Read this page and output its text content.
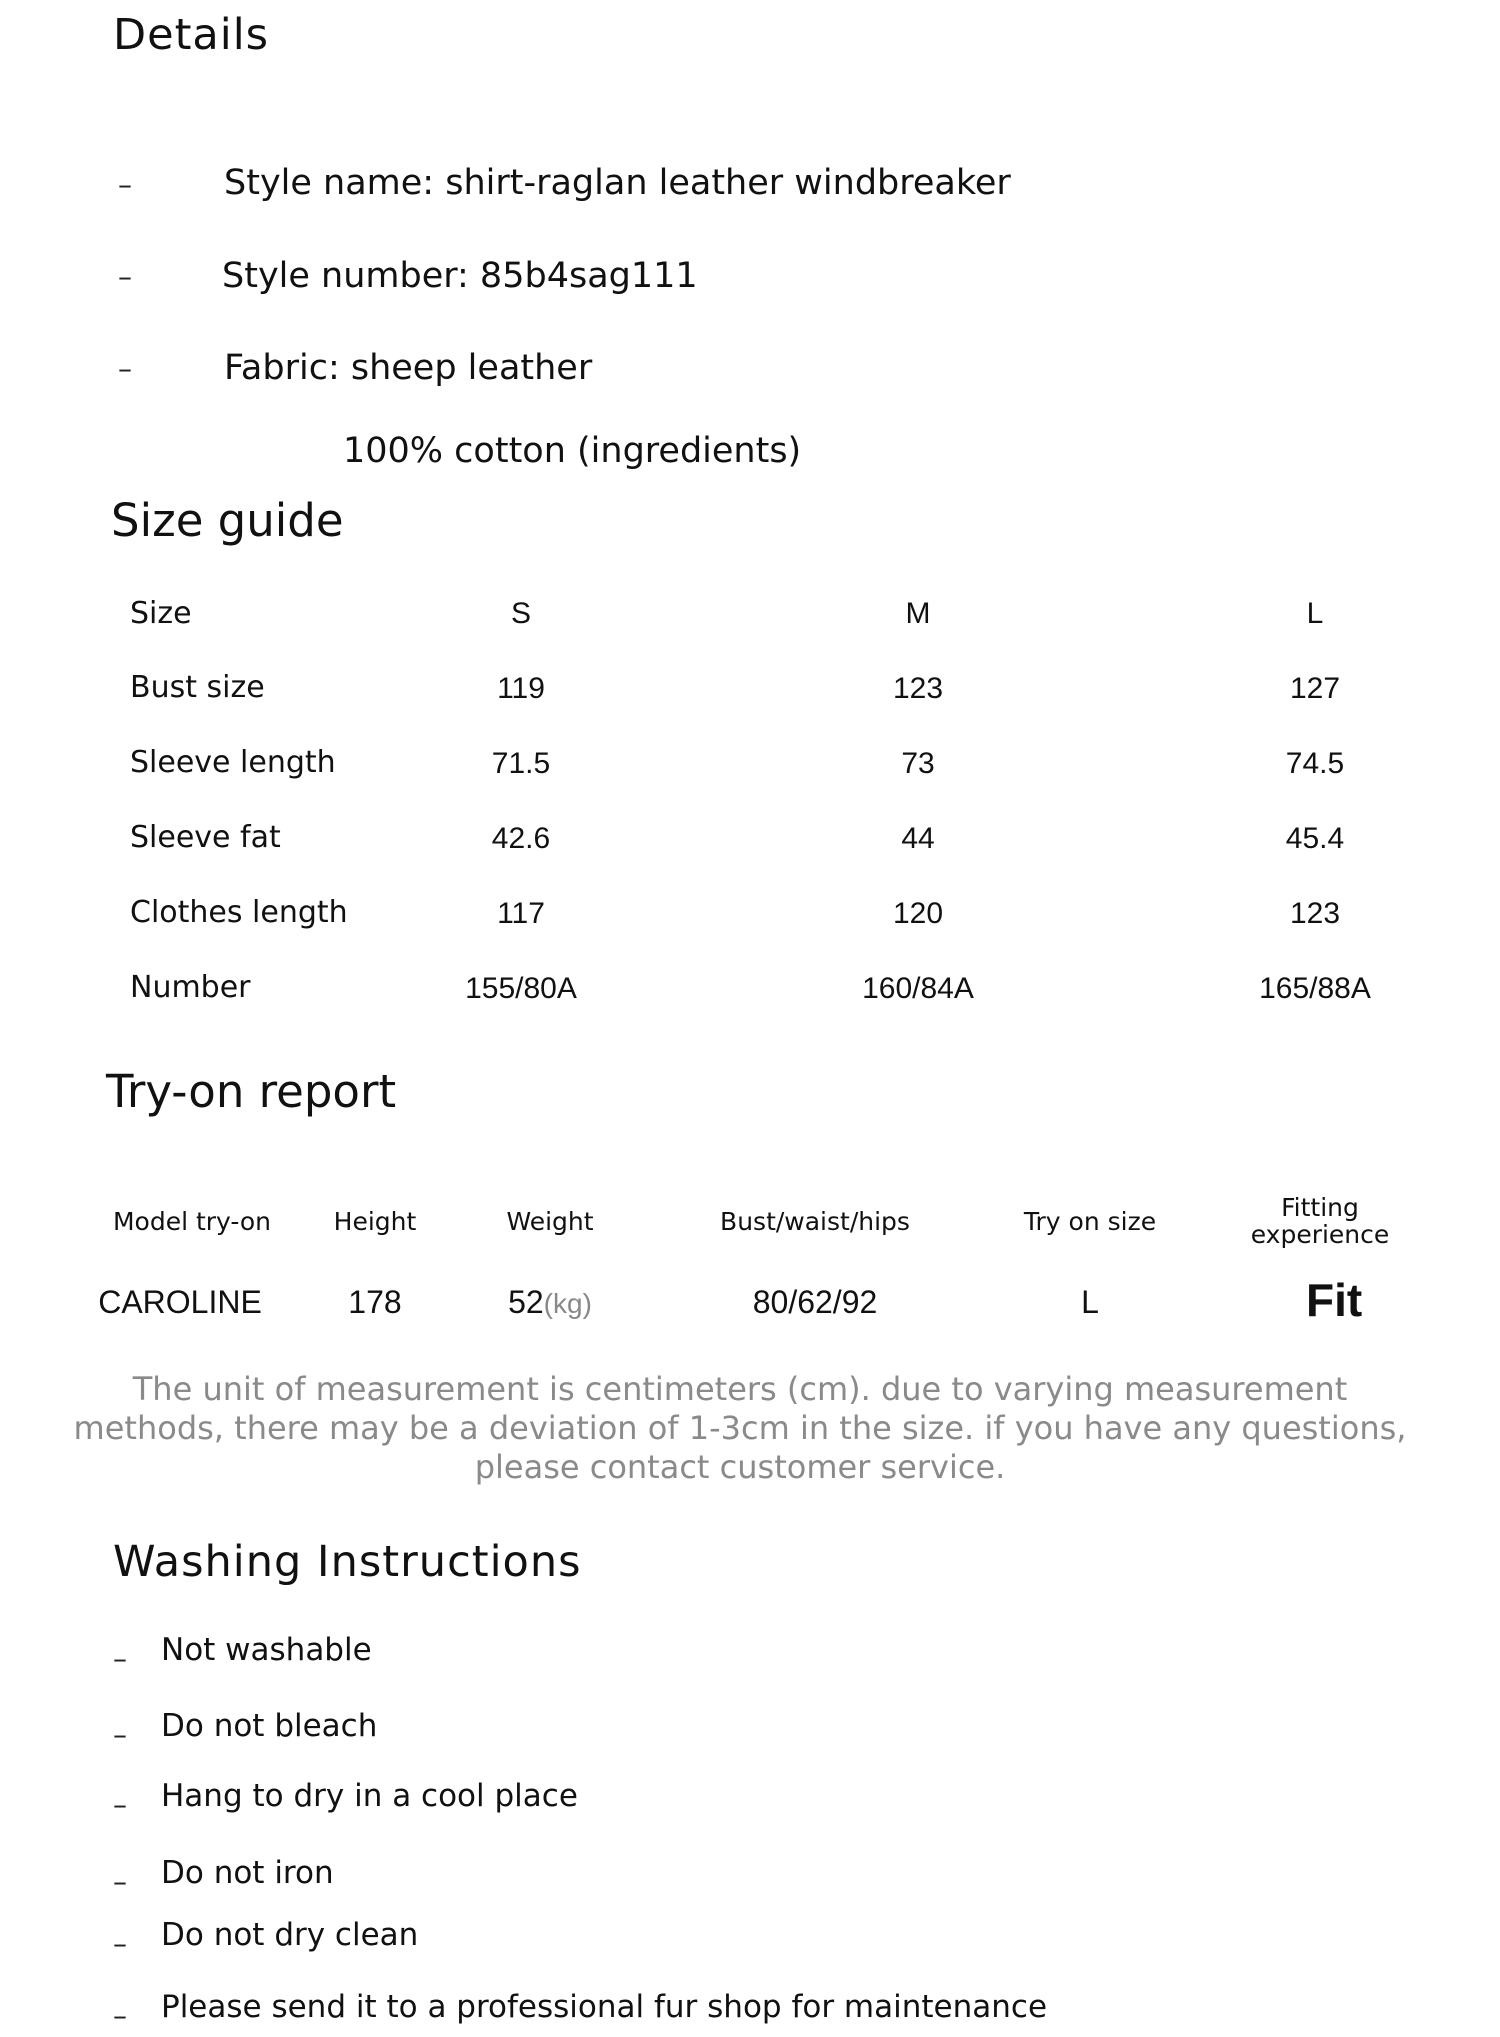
Details
–	Style name: shirt-raglan leather windbreaker
–	Style number: 85b4sag111
–	Fabric: sheep leather
100% cotton (ingredients)
Size guide
Size	S	M	L
Bust size	119	123	127
Sleeve length	71.5	73	74.5
Sleeve fat	42.6	44	45.4
Clothes length	117	120	123
Number	155/80A	160/84A	165/88A
Try-on report
Model try-on	Height	Weight	Bust/waist/hips	Try on size	Fitting
experience
CAROLINE	178	52(kg)	80/62/92	L	Fit
The unit of measurement is centimeters (cm). due to varying measurement
methods, there may be a deviation of 1-3cm in the size. if you have any questions,
please contact customer service.
Washing Instructions
– Not washable
– Do not bleach
– Hang to dry in a cool place
– Do not iron
– Do not dry clean
– Please send it to a professional fur shop for maintenance
